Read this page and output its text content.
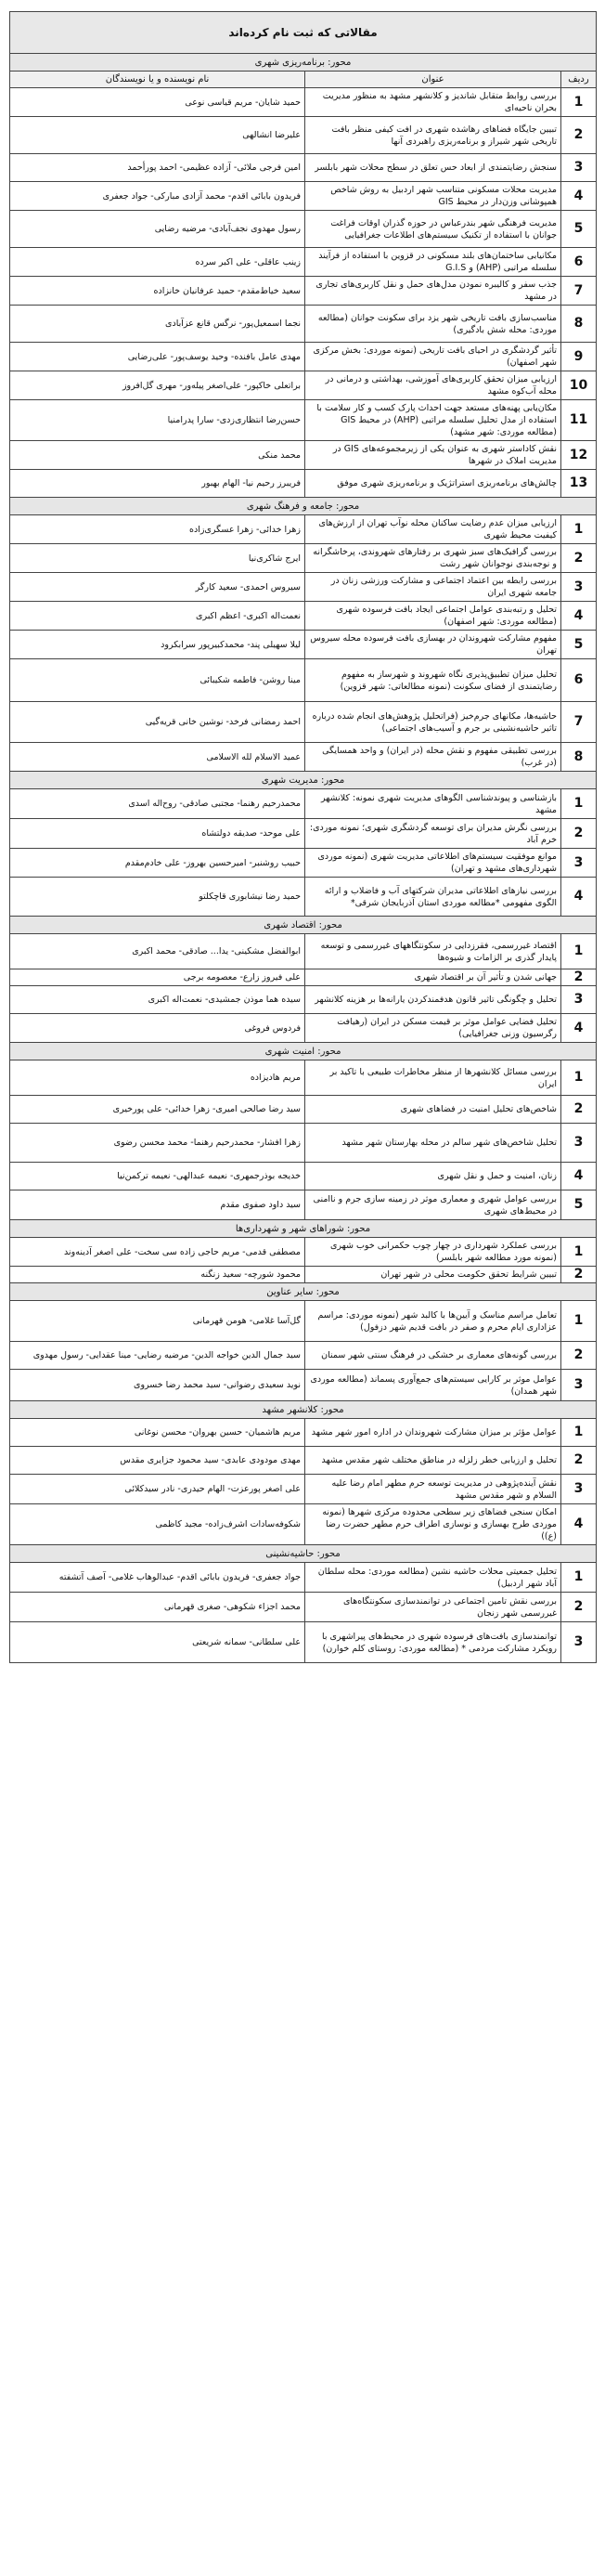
مقالاتی که ثبت نام کرده‌اند		
محور: برنامه‌ریزی شهری		
ردیف	عنوان	نام نویسنده و یا نویسندگان
1	بررسی روابط متقابل شاندیز و کلانشهر مشهد به منظور مدیریت بحران ناحیه‌ای	حمید شایان- مریم قیاسی نوعی
2	تبیین جایگاه فضاهای رها‌شده شهری در افت کیفی منظر بافت تاریخی شهر شیراز و برنامه‌ریزی راهبردی آنها	علیرضا انشالهی
3	سنجش رضایتمندی از ابعاد حس تعلق در سطح محلات شهر بابلسر	امین فرجی ملائی- آزاده عظیمی- احمد پورأحمد
4	مدیریت محلات مسکونی متناسب شهر اردبیل به روش شاخص همپوشانی وزن‌دار در محیط GIS	فریدون بابائی اقدم- محمد آزادی مبارکی- جواد جعفری
5	مدیریت فرهنگی شهر بندرعباس در حوزه گذران اوقات فراغت جوانان با استفاده از تکنیک سیستم‌های اطلاعات جغرافیایی	رسول مهدوی نجف‌آبادی- مرضیه رضایی
6	مکانیابی ساختمان‌های بلند مسکونی در قزوین با استفاده از فرآیند سلسله مراتبی (AHP) و G.I.S	زینب عاقلی- علی اکبر سرده
7	جذب سفر و کالیبره نمودن مدل‌های حمل و نقل کاربری‌های تجاری در مشهد	سعید خیاط‌مقدم- حمید عرفانیان خانزاده
8	مناسب‌سازی بافت تاریخی شهر یزد برای سکونت جوانان (مطالعه موردی: محله شش بادگیری)	نجما اسمعیل‌پور- نرگس قانع عزآبادی
9	تأثیر گردشگری در احیای بافت تاریخی (نمونه موردی: بخش مرکزی شهر اصفهان)	مهدی عامل بافنده- وحید یوسف‌پور- علی‌رضایی
10	ارزیابی میزان تحقق کاربری‌های آموزشی، بهداشتی و درمانی در محله آب‌کوه مشهد	براتعلی خاکپور- علی‌اصغر پیله‌ور- مهری گل‌افروز
11	مکان‌یابی پهنه‌های مستعد جهت احداث پارک کسب و کار سلامت با استفاده از مدل تحلیل سلسله مراتبی (AHP) در محیط GIS (مطالعه موردی: شهر مشهد)	حسن‌رضا انتظاری‌زدی- سارا پدرامنیا
12	نقش کاداستر شهری به عنوان یکی از زیرمجموعه‌های GIS در مدیریت املاک در شهرها	محمد منکی
13	چالش‌های برنامه‌ریزی استراتژیک و برنامه‌ریزی شهری موفق	فریبرز رحیم نیا- الهام بهبور
محور: جامعه و فرهنگ شهری		
1	ارزیابی میزان عدم رضایت ساکنان محله نوآب تهران از ارزش‌های کیفیت محیط شهری	زهرا خدائی- زهرا عسگری‌زاده
2	بررسی گرافیک‌های سبز شهری بر رفتارهای شهروندی، پرخاشگرانه و نوجه‌بندی نوجوانان شهر رشت	ایرج شاکری‌نیا
3	بررسی رابطه بین اعتماد اجتماعی و مشارکت ورزشی زنان در جامعه شهری ایران	سیروس احمدی- سعید کارگر
4	تحلیل و رتبه‌بندی عوامل اجتماعی ایجاد بافت فرسوده شهری (مطالعه موردی: شهر اصفهان)	نعمت‌اله اکبری- اعظم اکبری
5	مفهوم مشارکت شهروندان در بهسازی بافت فرسوده محله سیروس تهران	لیلا سهیلی پند- محمدکبیرپور سرابکرود
6	تحلیل میزان تطبیق‌پذیری نگاه شهروند و شهرساز به مفهوم رضایتمندی از فضای سکونت (نمونه مطالعاتی: شهر قزوین)	مینا روشن- فاطمه شکیبائی
7	حاشیه‌ها، مکانهای جرم‌خیز (فراتحلیل پژوهش‌های انجام شده درباره تاثیر حاشیه‌نشینی بر جرم و آسیب‌های اجتماعی)	احمد رمضانی فرخد- نوشین خانی قریه‌گیی
8	بررسی تطبیقی مفهوم و نقش محله (در ایران) و واحد همسایگی (در غرب)	عمید الاسلام لله الاسلامی
محور: مدیریت شهری		
1	بازشناسی و پیوندشناسی الگوهای مدیریت شهری نمونه: کلانشهر مشهد	محمدرحیم رهنما- مجتبی صادقی- روح‌اله اسدی
2	بررسی نگرش مدیران برای توسعه گردشگری شهری؛ نمونه موردی: خرم آباد	علی موحد- صدیقه دولتشاه
3	موانع موفقیت سیستم‌های اطلاعاتی مدیریت شهری (نمونه موردی شهرداری‌های مشهد و تهران)	حبیب روشنبر- امیرحسین بهروز- علی خادم‌مقدم
4	بررسی نیازهای اطلاعاتی مدیران شرکتهای آب و فاضلاب و ارائه الگوی مفهومی *مطالعه موردی استان آذربایجان شرقی*	حمید رضا نیشابوری قاچکلتو
محور: اقتصاد شهری		
1	اقتصاد غیررسمی، فقرزدایی در سکونتگاههای غیررسمی و توسعه پایدار گذری بر الزامات و شیوه‌ها	ابوالفضل مشکینی- یدا... صادقی- محمد اکبری
2	جهانی شدن و تأثیر آن بر اقتصاد شهری	علی فیروز زارع- معصومه برجی
3	تحلیل و چگونگی تاثیر قانون هدفمندکردن یارانه‌ها بر هزینه کلانشهر	سیده هما موذن جمشیدی- نعمت‌اله اکبری
4	تحلیل فضایی عوامل موثر بر قیمت مسکن در ایران (رهیافت رگرسیون وزنی جغرافیایی)	فردوس فروغی
محور: امنیت شهری		
1	بررسی مسائل کلانشهرها از منظر مخاطرات طبیعی با تاکید بر ایران	مریم هادیزاده
2	شاخص‌های تحلیل امنیت در فضاهای شهری	سید رضا صالحی امیری- زهرا خدائی- علی پورخیری
3	تحلیل شاخص‌های شهر سالم در محله بهارستان شهر مشهد	زهرا افشار- محمدرحیم رهنما- محمد محسن رضوی
4	زنان، امنیت و حمل و نقل شهری	خدیجه بوذرجمهری- نعیمه عبدالهی- نعیمه ترکمن‌نیا
5	بررسی عوامل شهری و معماری موثر در زمینه سازی جرم و ناامنی در محیط‌های شهری	سید داود صفوی مقدم
محور: شوراهای شهر و شهرداری‌ها		
1	بررسی عملکرد شهرداری در چهار چوب حکمرانی خوب شهری (نمونه مورد مطالعه شهر بابلسر)	مصطفی قدمی- مریم حاجی زاده سی سخت- علی اصغر آدینه‌وند
2	تبیین شرایط تحقق حکومت محلی در شهر تهران	محمود شورچه- سعید زنگنه
محور: سایر عناوین		
1	تعامل مراسم مناسک و آیین‌ها با کالبد شهر (نمونه موردی: مراسم عزاداری ایام محرم و صفر در بافت قدیم شهر دزفول)	گل‌آسا غلامی- هومن قهرمانی
2	بررسی گونه‌های معماری بر خشکی در فرهنگ سنتی شهر سمنان	سید جمال الدین خواجه الدین- مرضیه رضایی- مینا عقدایی- رسول مهدوی
3	عوامل موثر بر کارایی سیستم‌های جمع‌آوری پسماند (مطالعه موردی شهر همدان)	نوید سعیدی رضوانی- سید محمد رضا خسروی
محور: کلانشهر مشهد		
1	عوامل مؤثر بر میزان مشارکت شهروندان در اداره امور شهر مشهد	مریم هاشمیان- حسین بهروان- محسن نوغانی
2	تحلیل و ارزیابی خطر زلزله در مناطق مختلف شهر مقدس مشهد	مهدی مودودی عابدی- سید محمود جزایری مقدس
3	نقش آینده‌پژوهی در مدیریت توسعه حرم مطهر امام رضا علیه السلام و شهر مقدس مشهد	علی اصغر پورعزت- الهام حیدری- نادر سیدکلائی
4	امکان سنجی فضاهای زیر سطحی محدوده مرکزی شهرها (نمونه موردی طرح بهسازی و نوسازی اطراف حرم مطهر حضرت رضا (ع))	شکوفه‌سادات اشرف‌زاده- مجید کاظمی
محور: حاشیه‌نشینی		
1	تحلیل جمعیتی محلات حاشیه نشین (مطالعه موردی: محله سلطان آباد شهر اردبیل)	جواد جعفری- فریدون بابائی اقدم- عبدالوهاب غلامی- آصف آتشفته
2	بررسی نقش تامین اجتماعی در توانمندسازی سکونتگاه‌های غیررسمی شهر زنجان	محمد اجزاء شکوهی- صغری قهرمانی
3	توانمندسازی بافت‌های فرسوده شهری در محیط‌های پیراشهری با رویکرد مشارکت مردمی * (مطالعه موردی: روستای کلم خوارن)	علی سلطانی- سمانه شریعتی
